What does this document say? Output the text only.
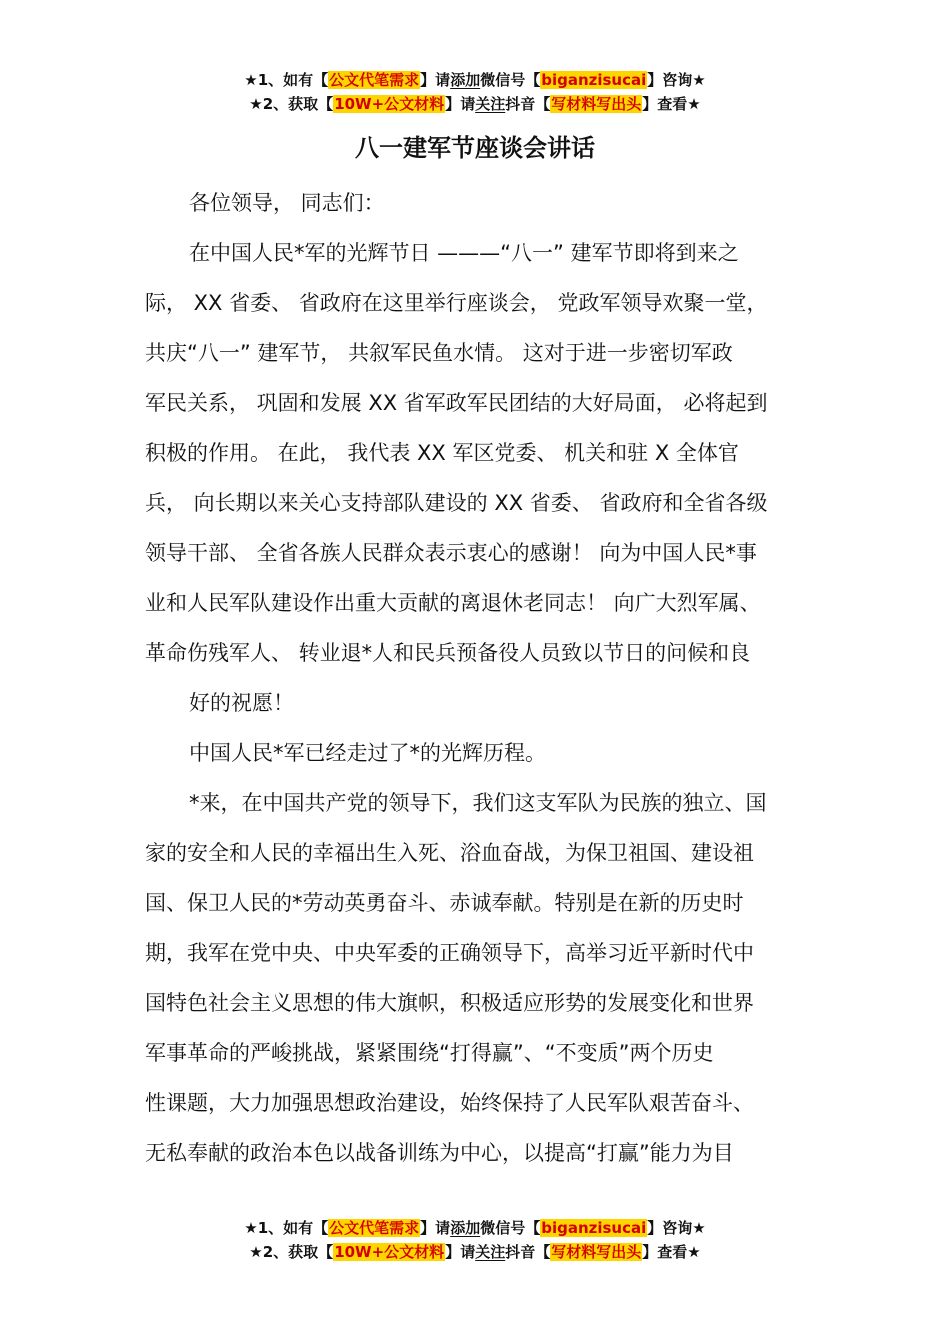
★1、如有【公文代笔需求】请添加微信号【biganzisucai】咨询★
★2、获取【10W+公文材料】请关注抖音【写材料写出头】查看★
八一建军节座谈会讲话
各位领导， 同志们：
在中国人民*军的光辉节日 ———“八一” 建军节即将到来之
际， XX 省委、 省政府在这里举行座谈会， 党政军领导欢聚一堂，
共庆“八一” 建军节， 共叙军民鱼水情。 这对于进一步密切军政
军民关系， 巩固和发展 XX 省军政军民团结的大好局面， 必将起到
积极的作用。 在此， 我代表 XX 军区党委、 机关和驻 X 全体官
兵， 向长期以来关心支持部队建设的 XX 省委、 省政府和全省各级
领导干部、 全省各族人民群众表示衷心的感谢！ 向为中国人民*事
业和人民军队建设作出重大贡献的离退休老同志！ 向广大烈军属、
革命伤残军人、 转业退*人和民兵预备役人员致以节日的问候和良
好的祝愿！
中国人民*军已经走过了*的光辉历程。
*来，在中国共产党的领导下，我们这支军队为民族的独立、国
家的安全和人民的幸福出生入死、浴血奋战，为保卫祖国、建设祖
国、保卫人民的*劳动英勇奋斗、赤诚奉献。特别是在新的历史时
期，我军在党中央、中央军委的正确领导下，高举习近平新时代中
国特色社会主义思想的伟大旗帜，积极适应形势的发展变化和世界
军事革命的严峻挑战，紧紧围绕“打得赢”、“不变质”两个历史
性课题，大力加强思想政治建设，始终保持了人民军队艰苦奋斗、
无私奉献的政治本色以战备训练为中心，以提高“打赢”能力为目
★1、如有【公文代笔需求】请添加微信号【biganzisucai】咨询★
★2、获取【10W+公文材料】请关注抖音【写材料写出头】查看★
